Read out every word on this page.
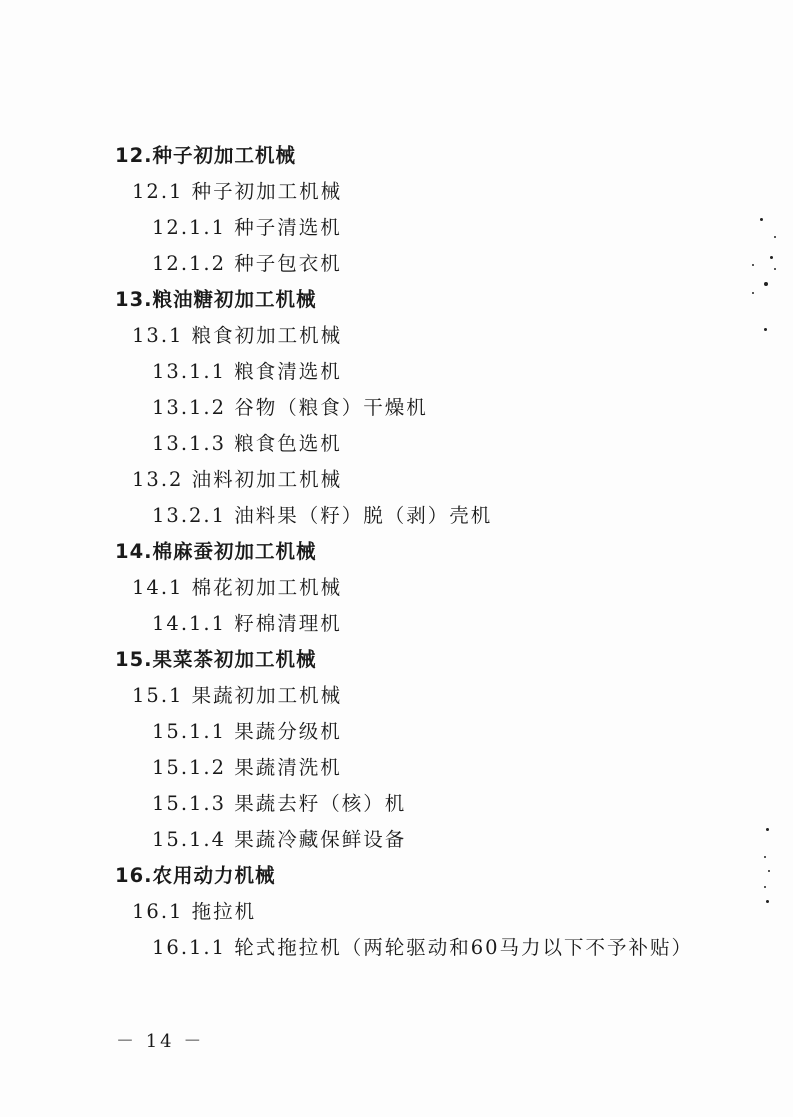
12.种子初加工机械
12.1 种子初加工机械
12.1.1 种子清选机
12.1.2 种子包衣机
13.粮油糖初加工机械
13.1 粮食初加工机械
13.1.1 粮食清选机
13.1.2 谷物（粮食）干燥机
13.1.3 粮食色选机
13.2 油料初加工机械
13.2.1 油料果（籽）脱（剥）壳机
14.棉麻蚕初加工机械
14.1 棉花初加工机械
14.1.1 籽棉清理机
15.果菜茶初加工机械
15.1 果蔬初加工机械
15.1.1 果蔬分级机
15.1.2 果蔬清洗机
15.1.3 果蔬去籽（核）机
15.1.4 果蔬冷藏保鲜设备
16.农用动力机械
16.1 拖拉机
16.1.1 轮式拖拉机（两轮驱动和60马力以下不予补贴）
－ 14 －
